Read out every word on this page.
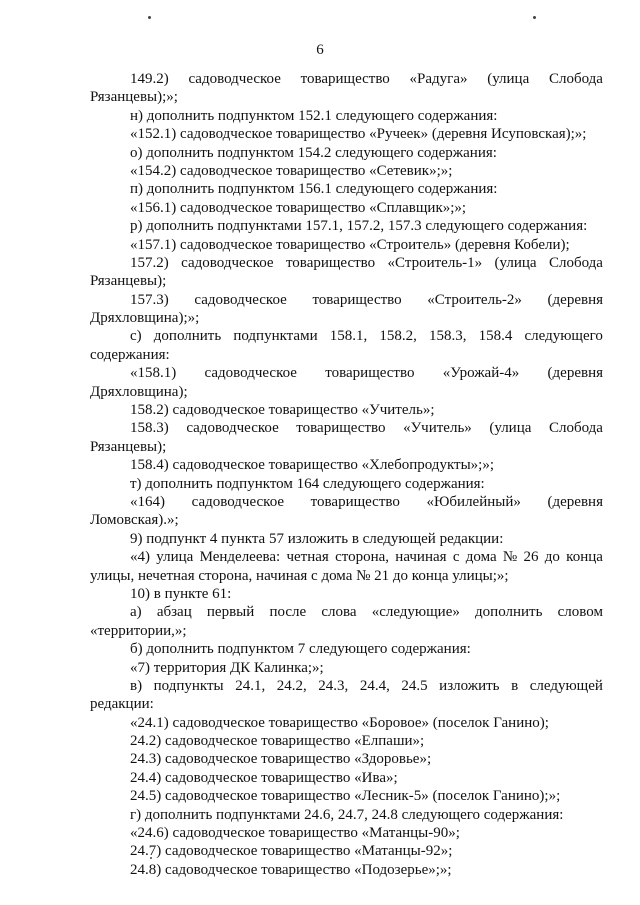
6
149.2) садоводческое товарищество «Радуга» (улица Слобода
Рязанцевы);»;
н) дополнить подпунктом 152.1 следующего содержания:
«152.1) садоводческое товарищество «Ручеек» (деревня Исуповская);»;
о) дополнить подпунктом 154.2 следующего содержания:
«154.2) садоводческое товарищество «Сетевик»;»;
п) дополнить подпунктом 156.1 следующего содержания:
«156.1) садоводческое товарищество «Сплавщик»;»;
р) дополнить подпунктами 157.1, 157.2, 157.3 следующего содержания:
«157.1) садоводческое товарищество «Строитель» (деревня Кобели);
157.2) садоводческое товарищество «Строитель-1» (улица Слобода
Рязанцевы);
157.3) садоводческое товарищество «Строитель-2» (деревня
Дряхловщина);»;
с) дополнить подпунктами 158.1, 158.2, 158.3, 158.4 следующего
содержания:
«158.1) садоводческое товарищество «Урожай-4» (деревня
Дряхловщина);
158.2) садоводческое товарищество «Учитель»;
158.3) садоводческое товарищество «Учитель» (улица Слобода
Рязанцевы);
158.4) садоводческое товарищество «Хлебопродукты»;»;
т) дополнить подпунктом 164 следующего содержания:
«164) садоводческое товарищество «Юбилейный» (деревня
Ломовская).»;
9) подпункт 4 пункта 57 изложить в следующей редакции:
«4) улица Менделеева: четная сторона, начиная с дома № 26 до конца
улицы, нечетная сторона, начиная с дома № 21 до конца улицы;»;
10) в пункте 61:
а) абзац первый после слова «следующие» дополнить словом
«территории,»;
б) дополнить подпунктом 7 следующего содержания:
«7) территория ДК Калинка;»;
в) подпункты 24.1, 24.2, 24.3, 24.4, 24.5 изложить в следующей
редакции:
«24.1) садоводческое товарищество «Боровое» (поселок Ганино);
24.2) садоводческое товарищество «Елпаши»;
24.3) садоводческое товарищество «Здоровье»;
24.4) садоводческое товарищество «Ива»;
24.5) садоводческое товарищество «Лесник-5» (поселок Ганино);»;
г) дополнить подпунктами 24.6, 24.7, 24.8 следующего содержания:
«24.6) садоводческое товарищество «Матанцы-90»;
24.7) садоводческое товарищество «Матанцы-92»;
24.8) садоводческое товарищество «Подозерье»;»;
